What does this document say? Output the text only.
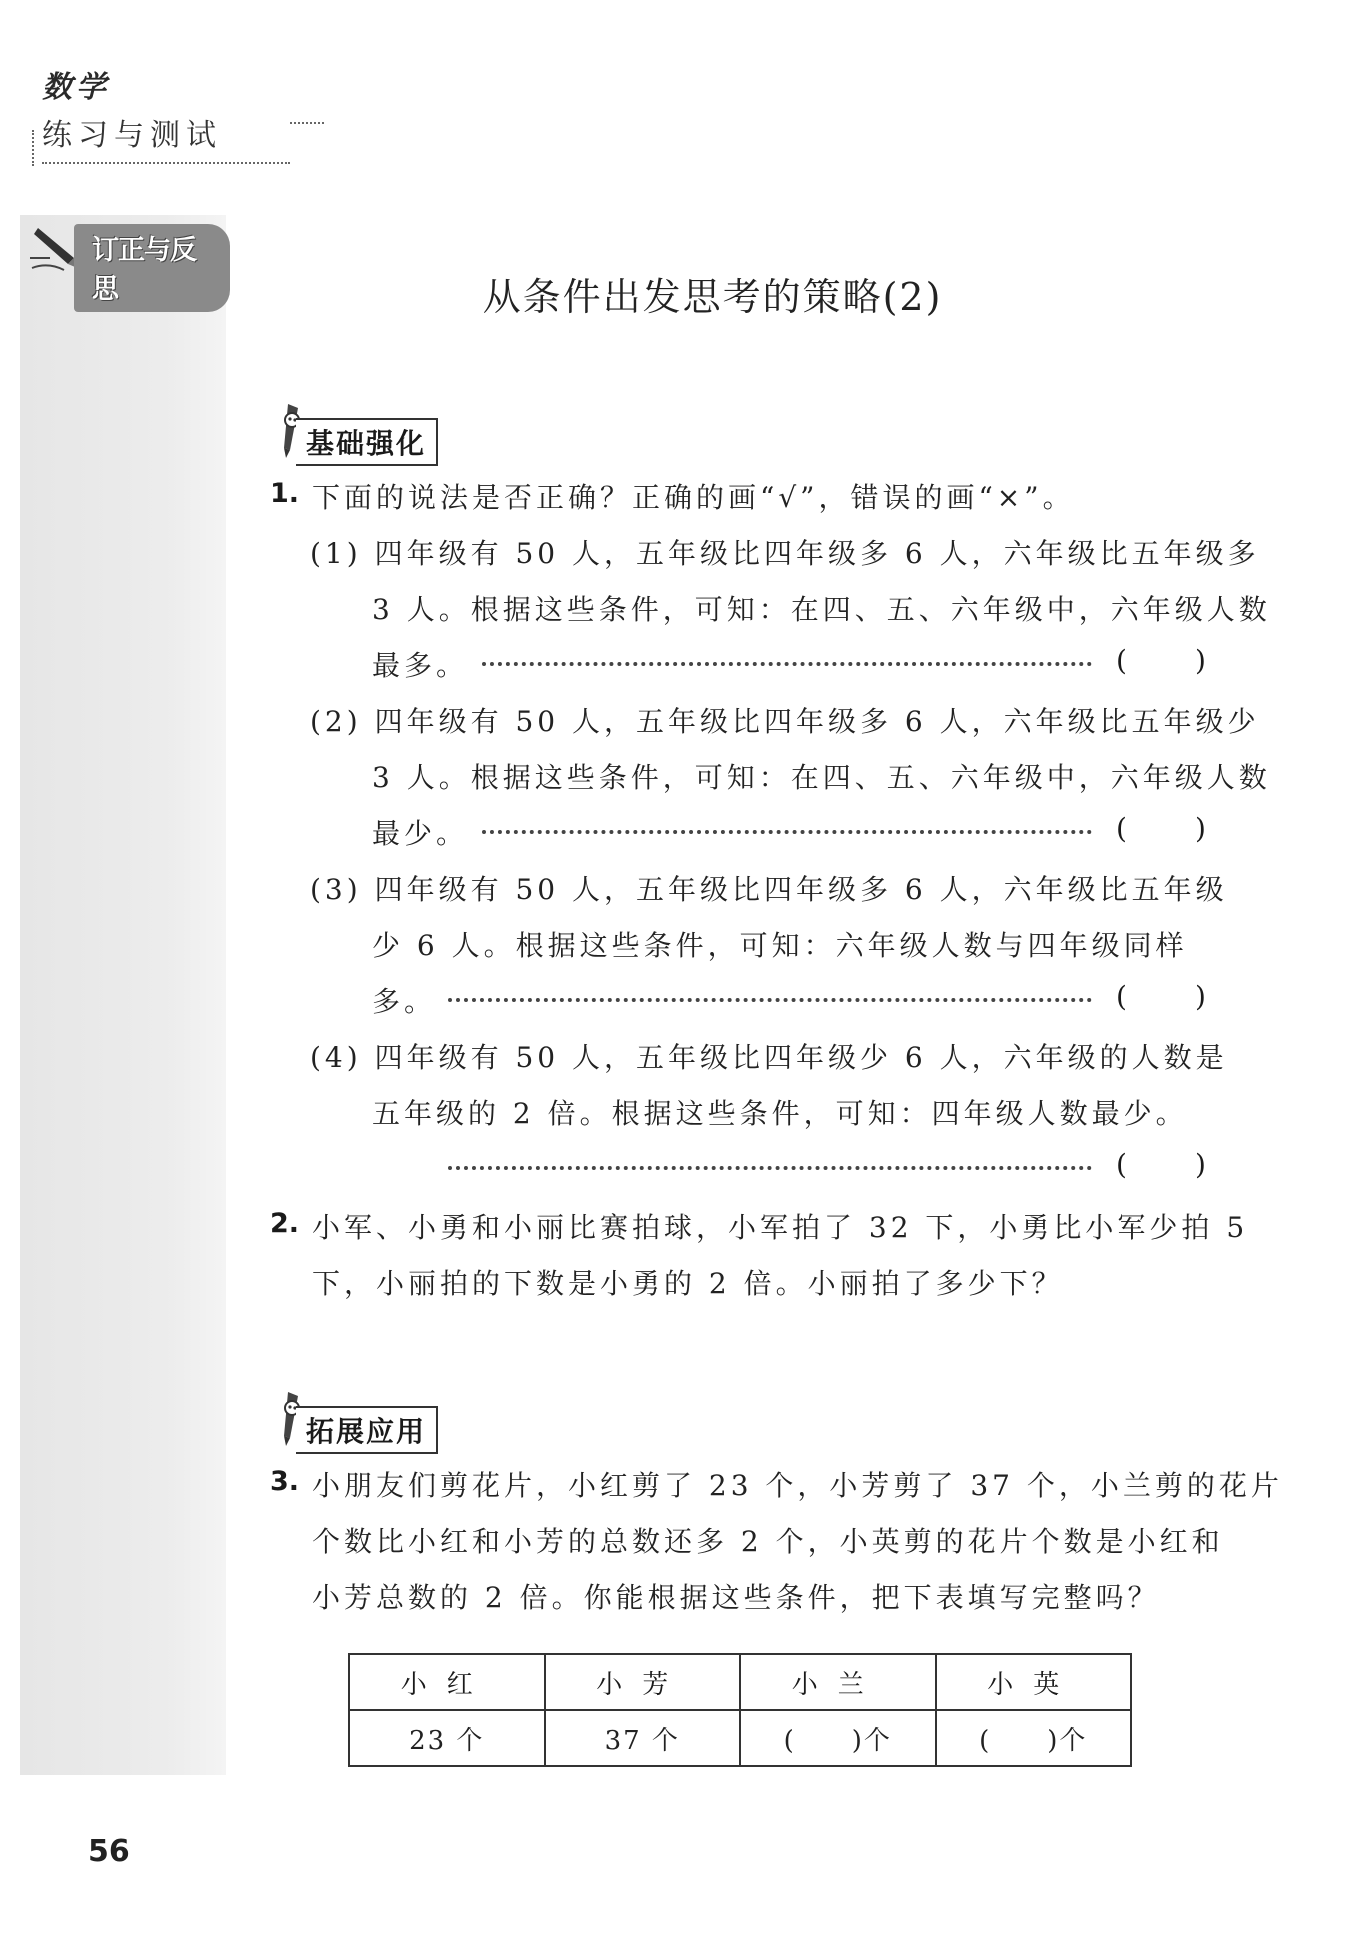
数学
练习与测试
订正与反思	从条件出发思考的策略(2)
基础强化
1. 下面的说法是否正确？正确的画“√”，错误的画“×”。
(1) 四年级有 50 人，五年级比四年级多 6 人，六年级比五年级多
3 人。根据这些条件，可知：在四、五、六年级中，六年级人数
最多。	( )
(2) 四年级有 50 人，五年级比四年级多 6 人，六年级比五年级少
3 人。根据这些条件，可知：在四、五、六年级中，六年级人数
最少。	( )
(3) 四年级有 50 人，五年级比四年级多 6 人，六年级比五年级
少 6 人。根据这些条件，可知：六年级人数与四年级同样
多。	( )
(4) 四年级有 50 人，五年级比四年级少 6 人，六年级的人数是
五年级的 2 倍。根据这些条件，可知：四年级人数最少。
( )
2. 小军、小勇和小丽比赛拍球，小军拍了 32 下，小勇比小军少拍 5
下，小丽拍的下数是小勇的 2 倍。小丽拍了多少下？
拓展应用
3. 小朋友们剪花片，小红剪了 23 个，小芳剪了 37 个，小兰剪的花片
个数比小红和小芳的总数还多 2 个，小英剪的花片个数是小红和
小芳总数的 2 倍。你能根据这些条件，把下表填写完整吗？
小红	小芳	小兰	小英
23 个	37 个	(　　)个	(　　)个
56
